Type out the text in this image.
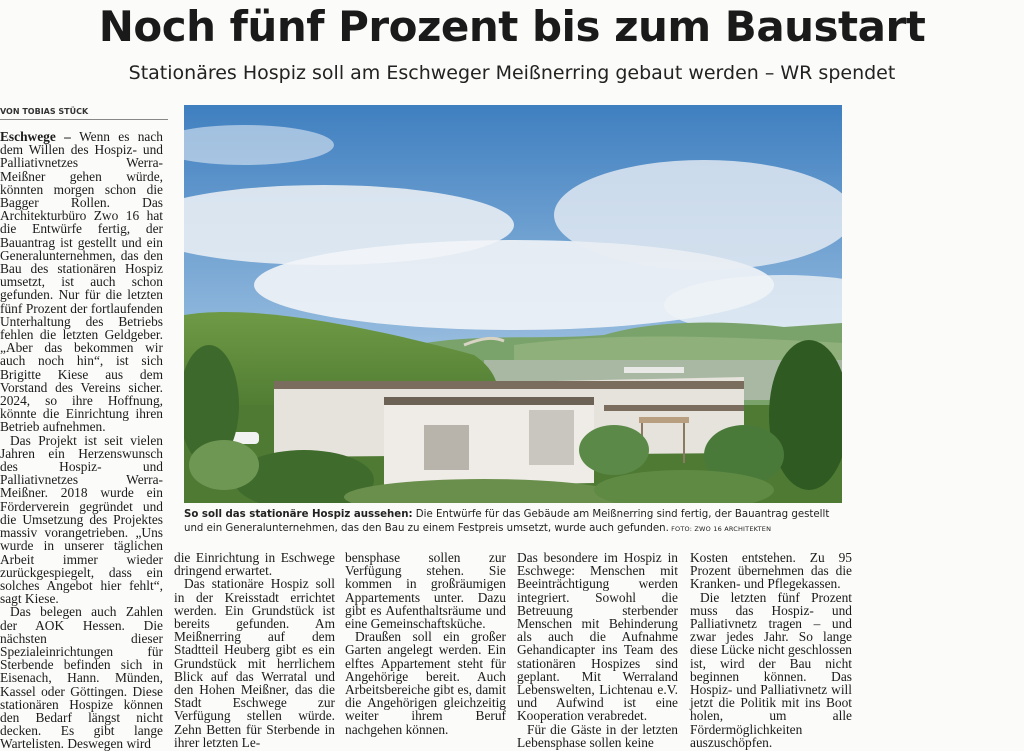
Noch fünf Prozent bis zum Baustart
Stationäres Hospiz soll am Eschweger Meißnerring gebaut werden – WR spendet
VON TOBIAS STÜCK

Eschwege – Wenn es nach dem Willen des Hospiz- und Palliativnetzes Werra-Meißner gehen würde, könnten morgen schon die Bagger Rollen. Das Architekturbüro Zwo 16 hat die Entwürfe fertig, der Bauantrag ist gestellt und ein Generalunternehmen, das den Bau des stationären Hospiz umsetzt, ist auch schon gefunden. Nur für die letzten fünf Prozent der fortlaufenden Unterhaltung des Betriebs fehlen die letzten Geldgeber. „Aber das bekommen wir auch noch hin“, ist sich Brigitte Kiese aus dem Vorstand des Vereins sicher. 2024, so ihre Hoffnung, könnte die Einrichtung ihren Betrieb aufnehmen.

Das Projekt ist seit vielen Jahren ein Herzenswunsch des Hospiz- und Palliativnetzes Werra-Meißner. 2018 wurde ein Förderverein gegründet und die Umsetzung des Projektes massiv vorangetrieben. „Uns wurde in unserer täglichen Arbeit immer wieder zurückgespiegelt, dass ein solches Angebot hier fehlt“, sagt Kiese.

Das belegen auch Zahlen der AOK Hessen. Die nächsten dieser Spezialeinrichtungen für Sterbende befinden sich in Eisenach, Hann. Münden, Kassel oder Göttingen. Diese stationären Hospize können den Bedarf längst nicht decken. Es gibt lange Wartelisten. Deswegen wird

So soll das stationäre Hospiz aussehen: Die Entwürfe für das Gebäude am Meißnerring sind fertig, der Bauantrag gestellt und ein Generalunternehmen, das den Bau zu einem Festpreis umsetzt, wurde auch gefunden. FOTO: ZWO 16 ARCHITEKTEN

die Einrichtung in Eschwege dringend erwartet.

Das stationäre Hospiz soll in der Kreisstadt errichtet werden. Ein Grundstück ist bereits gefunden. Am Meißnerring auf dem Stadtteil Heuberg gibt es ein Grundstück mit herrlichem Blick auf das Werratal und den Hohen Meißner, das die Stadt Eschwege zur Verfügung stellen würde. Zehn Betten für Sterbende in ihrer letzten Le-

bensphase sollen zur Verfügung stehen. Sie kommen in großräumigen Appartements unter. Dazu gibt es Aufenthaltsräume und eine Gemeinschaftsküche.

Draußen soll ein großer Garten angelegt werden. Ein elftes Appartement steht für Angehörige bereit. Auch Arbeitsbereiche gibt es, damit die Angehörigen gleichzeitig weiter ihrem Beruf nachgehen können.

Das besondere im Hospiz in Eschwege: Menschen mit Beeinträchtigung werden integriert. Sowohl die Betreuung sterbender Menschen mit Behinderung als auch die Aufnahme Gehandicapter ins Team des stationären Hospizes sind geplant. Mit Werraland Lebenswelten, Lichtenau e.V. und Aufwind ist eine Kooperation verabredet.

Für die Gäste in der letzten Lebensphase sollen keine

Kosten entstehen. Zu 95 Prozent übernehmen das die Kranken- und Pflegekassen.

Die letzten fünf Prozent muss das Hospiz- und Palliativnetz tragen – und zwar jedes Jahr. So lange diese Lücke nicht geschlossen ist, wird der Bau nicht beginnen können. Das Hospiz- und Palliativnetz will jetzt die Politik mit ins Boot holen, um alle Fördermöglichkeiten auszuschöpfen.
